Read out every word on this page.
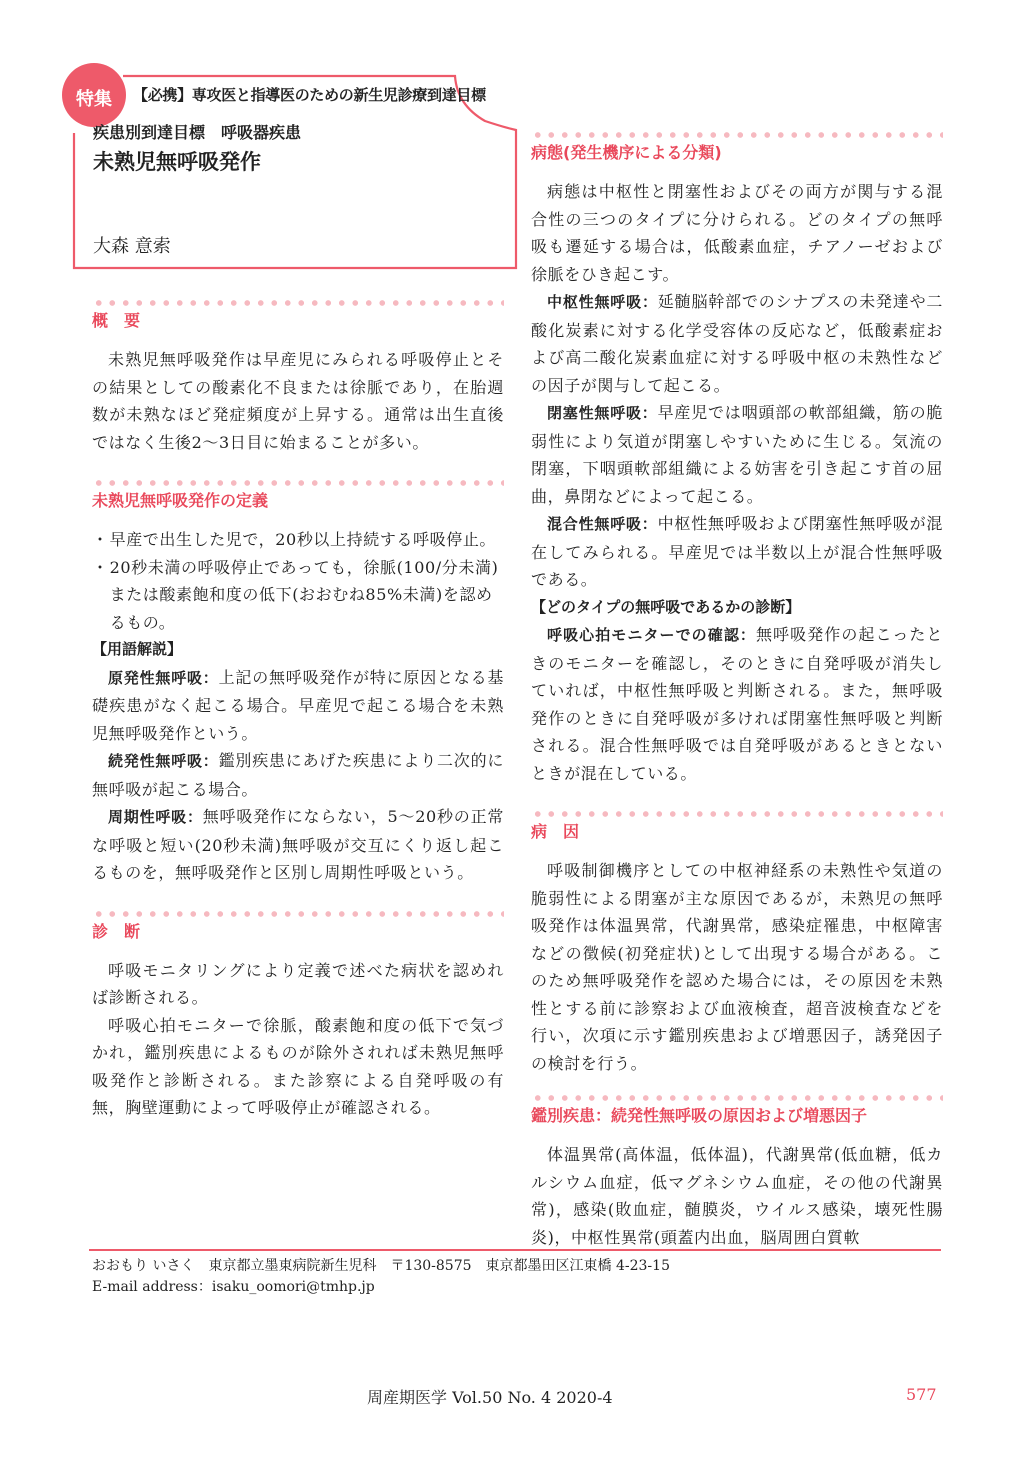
特集	【必携】専攻医と指導医のための新生児診療到達目標
疾患別到達目標　呼吸器疾患
未熟児無呼吸発作
大森 意索
概　要

未熟児無呼吸発作は早産児にみられる呼吸停止とその結果としての酸素化不良または徐脈であり，在胎週数が未熟なほど発症頻度が上昇する。通常は出生直後ではなく生後2～3日目に始まることが多い。

未熟児無呼吸発作の定義
・早産で出生した児で，20秒以上持続する呼吸停止。
・20秒未満の呼吸停止であっても，徐脈(100/分未満)または酸素飽和度の低下(おおむね85%未満)を認めるもの。
【用語解説】

原発性無呼吸：上記の無呼吸発作が特に原因となる基礎疾患がなく起こる場合。早産児で起こる場合を未熟児無呼吸発作という。

続発性無呼吸：鑑別疾患にあげた疾患により二次的に無呼吸が起こる場合。

周期性呼吸：無呼吸発作にならない，5～20秒の正常な呼吸と短い(20秒未満)無呼吸が交互にくり返し起こるものを，無呼吸発作と区別し周期性呼吸という。

診　断

呼吸モニタリングにより定義で述べた病状を認めれば診断される。

呼吸心拍モニターで徐脈，酸素飽和度の低下で気づかれ，鑑別疾患によるものが除外されれば未熟児無呼吸発作と診断される。また診察による自発呼吸の有無，胸壁運動によって呼吸停止が確認される。

病態(発生機序による分類)

病態は中枢性と閉塞性およびその両方が関与する混合性の三つのタイプに分けられる。どのタイプの無呼吸も遷延する場合は，低酸素血症，チアノーゼおよび徐脈をひき起こす。

中枢性無呼吸：延髄脳幹部でのシナプスの未発達や二酸化炭素に対する化学受容体の反応など，低酸素症および高二酸化炭素血症に対する呼吸中枢の未熟性などの因子が関与して起こる。

閉塞性無呼吸：早産児では咽頭部の軟部組織，筋の脆弱性により気道が閉塞しやすいために生じる。気流の閉塞，下咽頭軟部組織による妨害を引き起こす首の屈曲，鼻閉などによって起こる。

混合性無呼吸：中枢性無呼吸および閉塞性無呼吸が混在してみられる。早産児では半数以上が混合性無呼吸である。

【どのタイプの無呼吸であるかの診断】

呼吸心拍モニターでの確認：無呼吸発作の起こったときのモニターを確認し，そのときに自発呼吸が消失していれば，中枢性無呼吸と判断される。また，無呼吸発作のときに自発呼吸が多ければ閉塞性無呼吸と判断される。混合性無呼吸では自発呼吸があるときとないときが混在している。

病　因

呼吸制御機序としての中枢神経系の未熟性や気道の脆弱性による閉塞が主な原因であるが，未熟児の無呼吸発作は体温異常，代謝異常，感染症罹患，中枢障害などの徴候(初発症状)として出現する場合がある。このため無呼吸発作を認めた場合には，その原因を未熟性とする前に診察および血液検査，超音波検査などを行い，次項に示す鑑別疾患および増悪因子，誘発因子の検討を行う。

鑑別疾患：続発性無呼吸の原因および増悪因子

体温異常(高体温，低体温)，代謝異常(低血糖，低カルシウム血症，低マグネシウム血症，その他の代謝異常)，感染(敗血症，髄膜炎，ウイルス感染，壊死性腸炎)，中枢性異常(頭蓋内出血，脳周囲白質軟

おおもり いさく　東京都立墨東病院新生児科　〒130-8575　東京都墨田区江東橋 4-23-15
E-mail address：isaku_oomori@tmhp.jp
周産期医学 Vol.50 No. 4 2020-4	577
